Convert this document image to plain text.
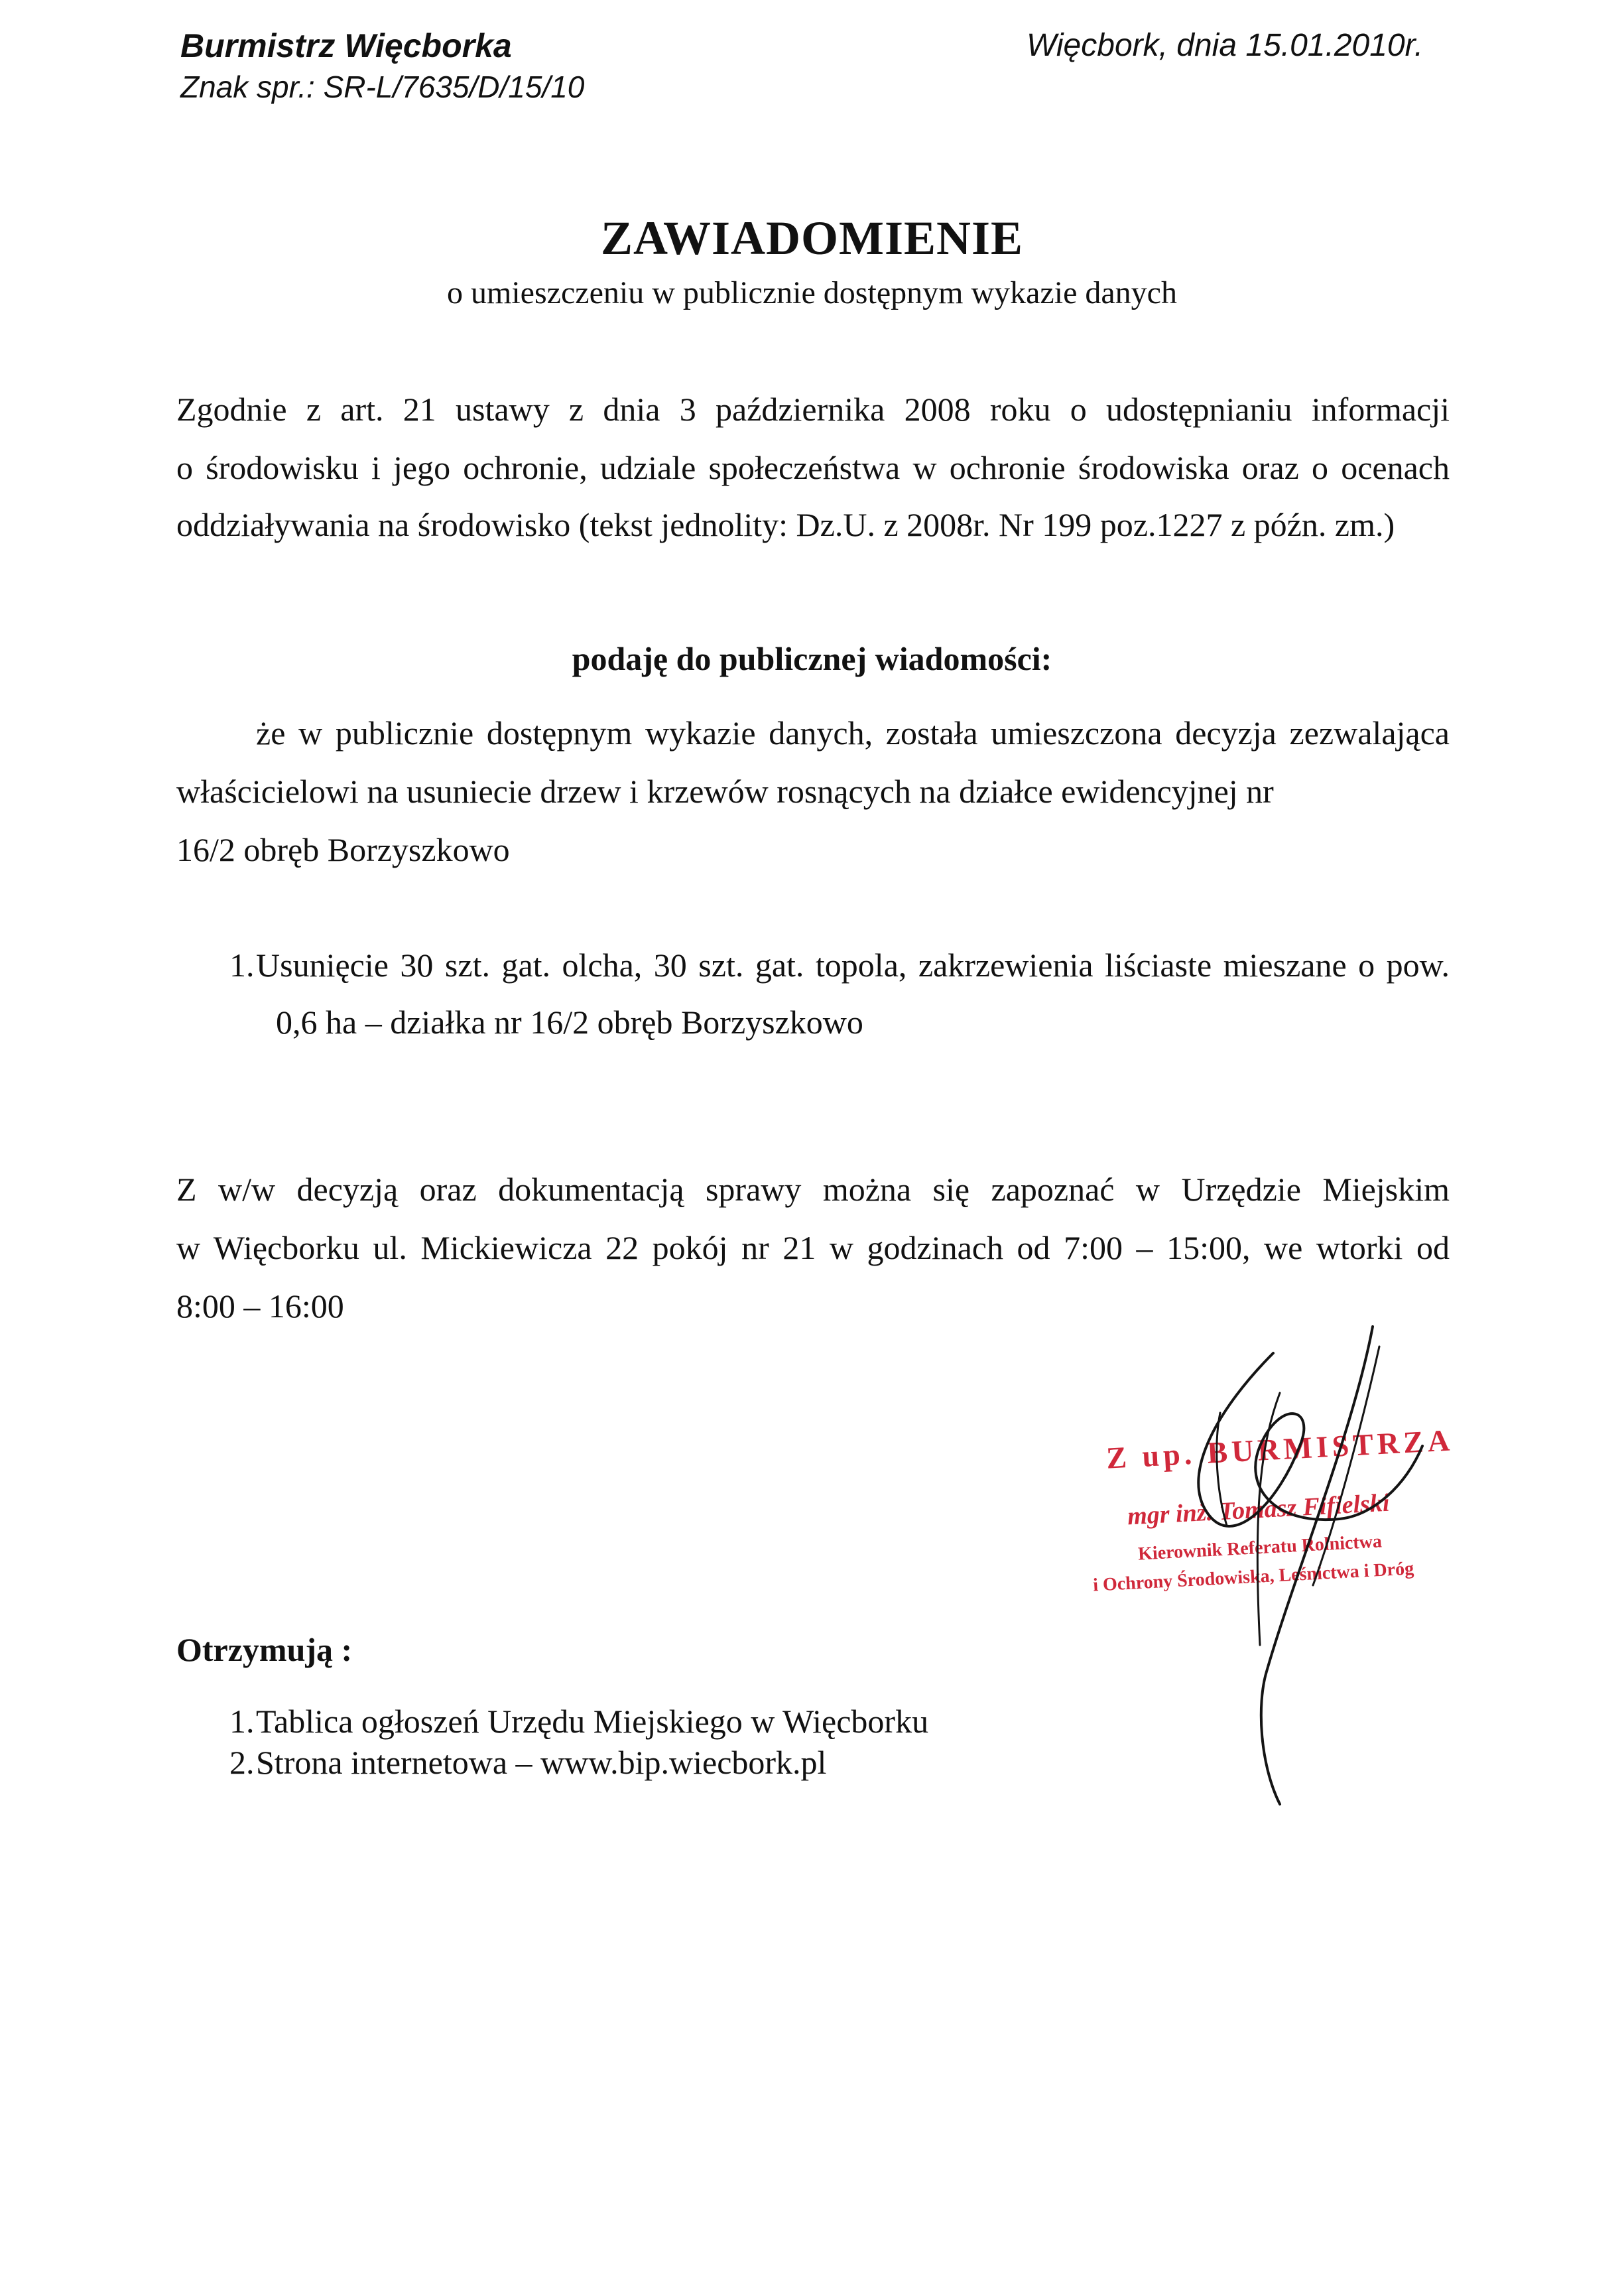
Burmistrz Więcborka
Znak spr.: SR-L/7635/D/15/10
Więcbork, dnia 15.01.2010r.
ZAWIADOMIENIE
o umieszczeniu w publicznie dostępnym wykazie danych
Zgodnie z art. 21 ustawy z dnia 3 października 2008 roku o udostępnianiu informacji
o środowisku i jego ochronie, udziale społeczeństwa w ochronie środowiska oraz o ocenach
oddziaływania na środowisko (tekst jednolity: Dz.U. z 2008r. Nr 199 poz.1227 z późn. zm.)
podaję do publicznej wiadomości:
że w publicznie dostępnym wykazie danych, została umieszczona decyzja zezwalająca
właścicielowi na usuniecie drzew i krzewów rosnących na działce ewidencyjnej nr
16/2 obręb Borzyszkowo
1. Usunięcie 30 szt. gat. olcha, 30 szt. gat. topola, zakrzewienia liściaste mieszane o pow.
0,6 ha – działka nr 16/2 obręb Borzyszkowo
Z w/w decyzją oraz dokumentacją sprawy można się zapoznać w Urzędzie Miejskim
w Więcborku ul. Mickiewicza 22 pokój nr 21 w godzinach od 7:00 – 15:00, we wtorki od
8:00 – 16:00
Z up. BURMISTRZA
mgr inż. Tomasz Fifielski
Kierownik Referatu Rolnictwa
i Ochrony Środowiska, Leśnictwa i Dróg
Otrzymują :
1. Tablica ogłoszeń Urzędu Miejskiego w Więcborku
2. Strona internetowa – www.bip.wiecbork.pl
